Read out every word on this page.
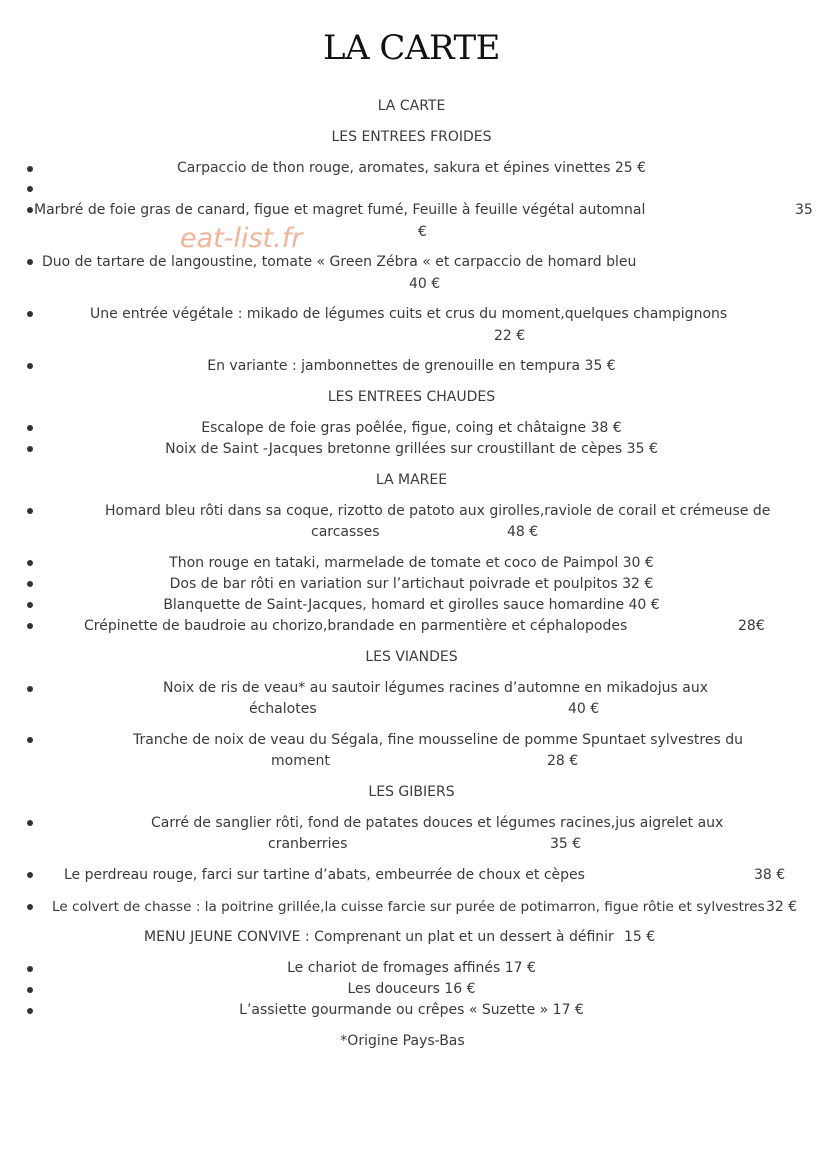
LA CARTE
eat-list.fr
LA CARTE
LES ENTREES FROIDES
Carpaccio de thon rouge, aromates, sakura et épines vinettes 25 €
Marbré de foie gras de canard, figue et magret fumé, Feuille à feuille végétal automnal	35
€
Duo de tartare de langoustine, tomate « Green Zébra « et carpaccio de homard bleu
40 €
Une entrée végétale : mikado de légumes cuits et crus du moment,quelques champignons
22 €
En variante : jambonnettes de grenouille en tempura 35 €
LES ENTREES CHAUDES
Escalope de foie gras poêlée, figue, coing et châtaigne 38 €
Noix de Saint -Jacques bretonne grillées sur croustillant de cèpes 35 €
LA MAREE
Homard bleu rôti dans sa coque, rizotto de patoto aux girolles,raviole de corail et crémeuse de
carcasses	48 €
Thon rouge en tataki, marmelade de tomate et coco de Paimpol 30 €
Dos de bar rôti en variation sur l’artichaut poivrade et poulpitos 32 €
Blanquette de Saint-Jacques, homard et girolles sauce homardine 40 €
Crépinette de baudroie au chorizo,brandade en parmentière et céphalopodes	28€
LES VIANDES
Noix de ris de veau* au sautoir légumes racines d’automne en mikadojus aux
échalotes	40 €
Tranche de noix de veau du Ségala, fine mousseline de pomme Spuntaet sylvestres du
moment	28 €
LES GIBIERS
Carré de sanglier rôti, fond de patates douces et légumes racines,jus aigrelet aux
cranberries	35 €
Le perdreau rouge, farci sur tartine d’abats, embeurrée de choux et cèpes	38 €
Le colvert de chasse : la poitrine grillée,la cuisse farcie sur purée de potimarron, figue rôtie et sylvestres 32 €
MENU JEUNE CONVIVE : Comprenant un plat et un dessert à définir 15 €
Le chariot de fromages affinés 17 €
Les douceurs 16 €
L’assiette gourmande ou crêpes « Suzette » 17 €
*Origine Pays-Bas
